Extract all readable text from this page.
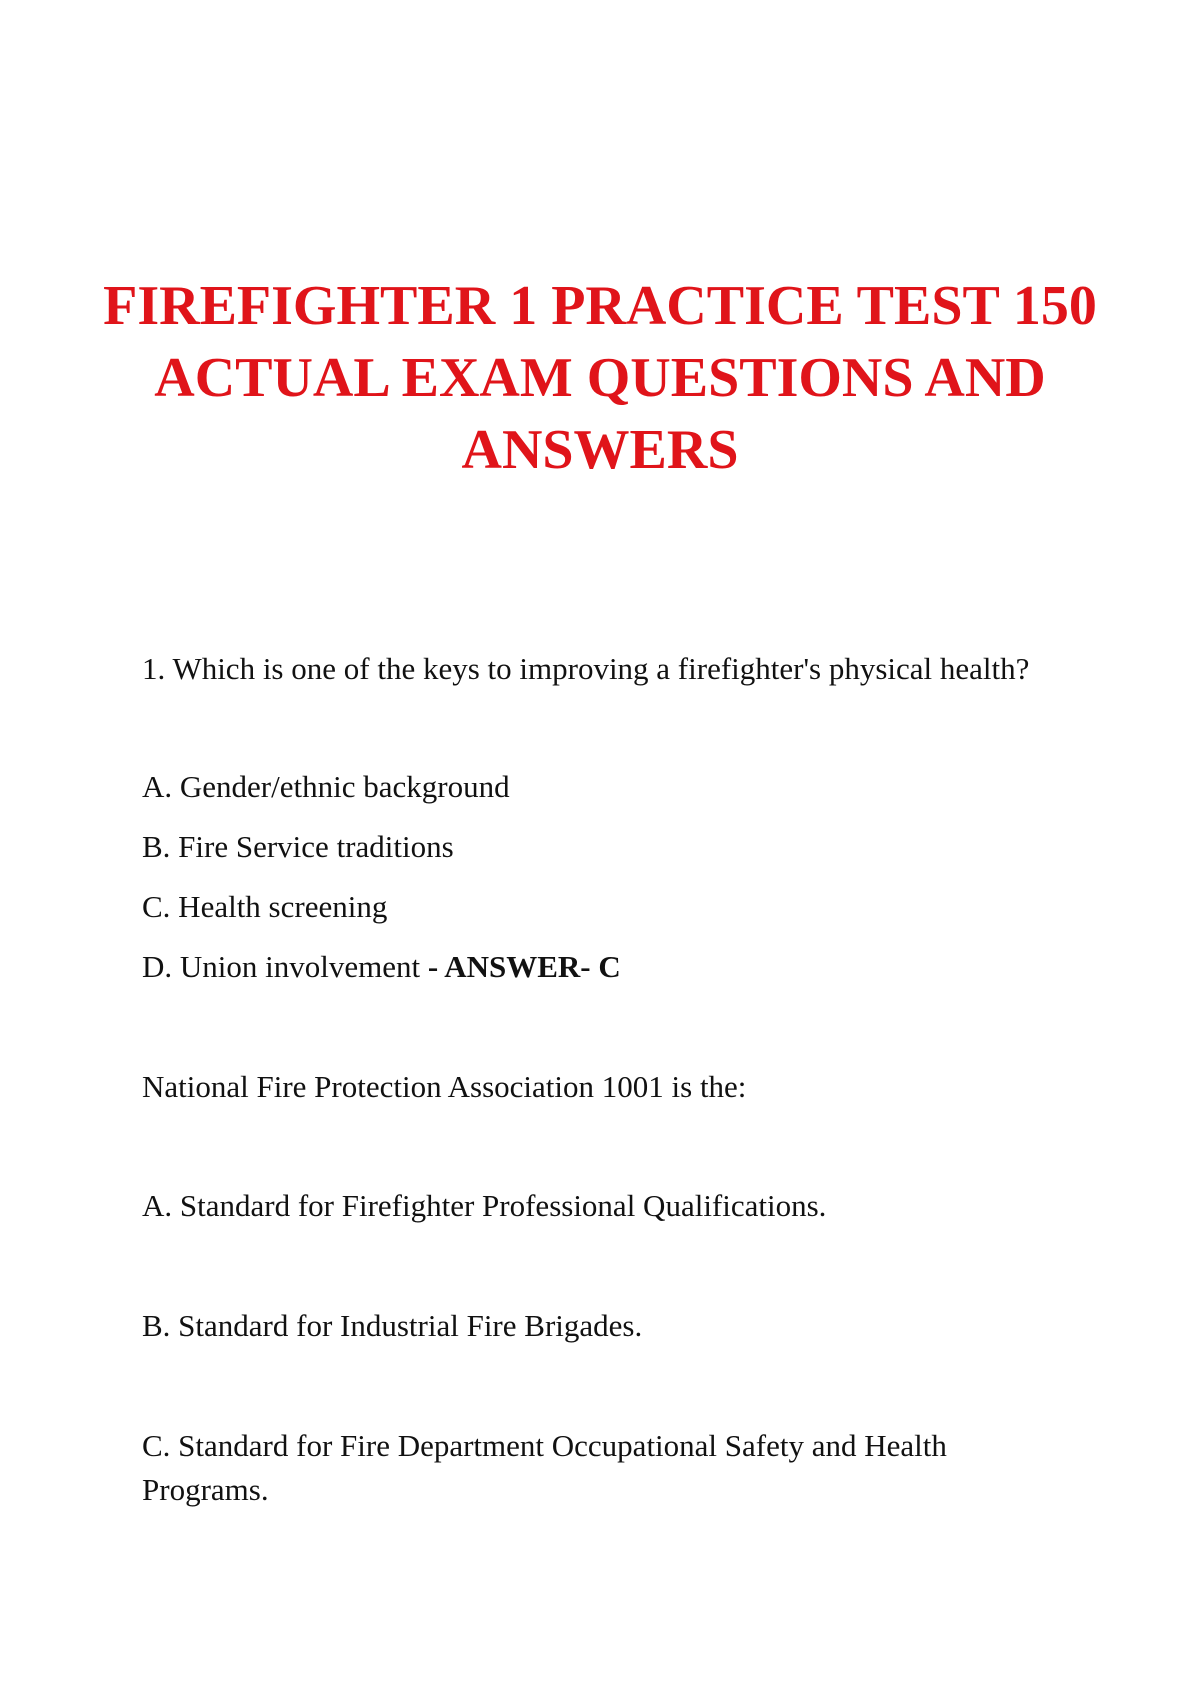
FIREFIGHTER 1 PRACTICE TEST 150
ACTUAL EXAM QUESTIONS AND
ANSWERS

1. Which is one of the keys to improving a firefighter's physical health?

A. Gender/ethnic background

B. Fire Service traditions

C. Health screening

D. Union involvement - ANSWER- C

National Fire Protection Association 1001 is the:

A. Standard for Firefighter Professional Qualifications.

B. Standard for Industrial Fire Brigades.

C. Standard for Fire Department Occupational Safety and Health Programs.
